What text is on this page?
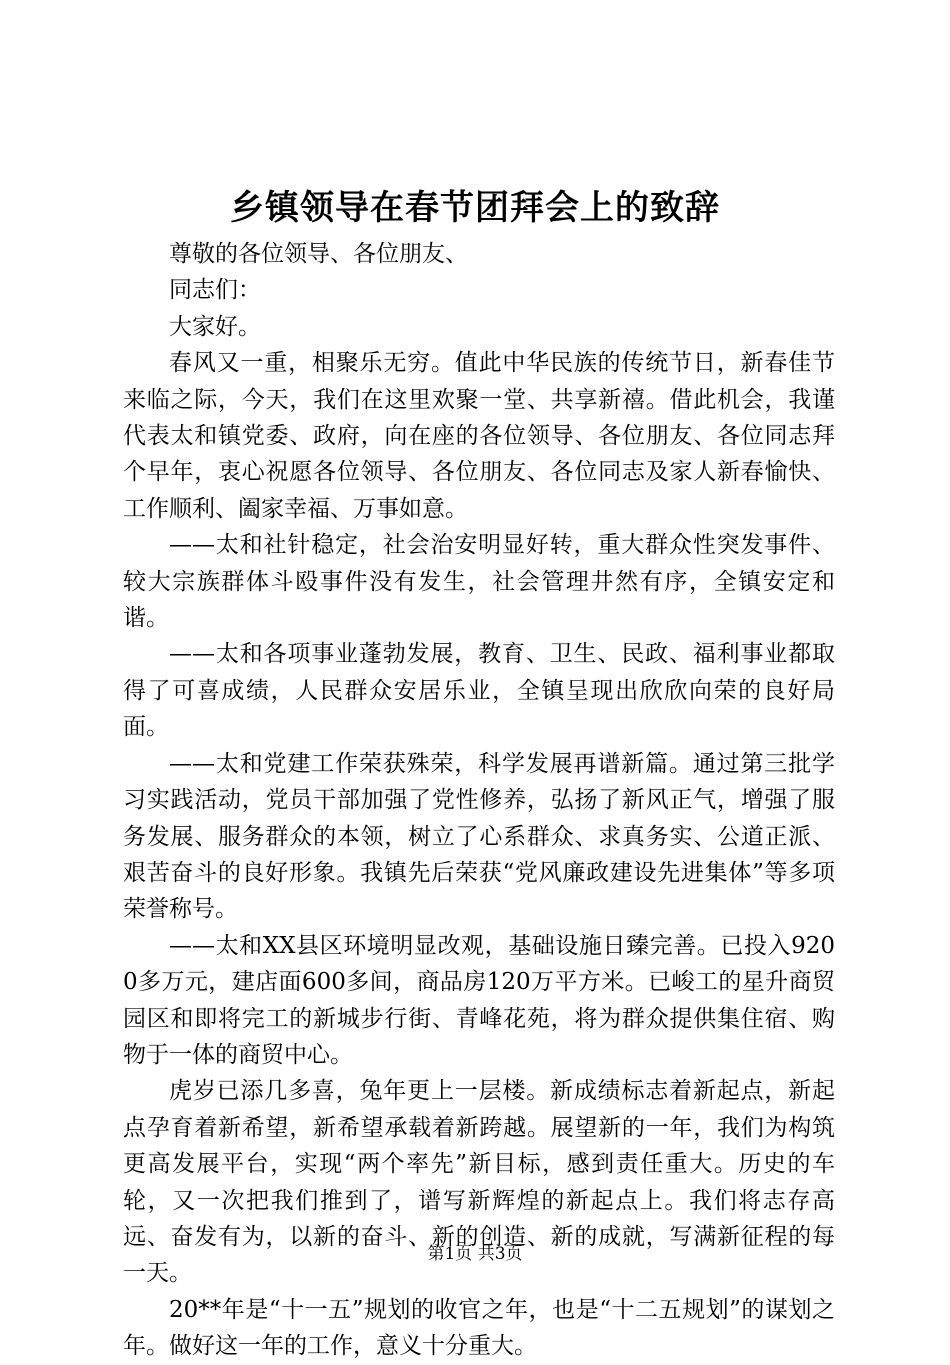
乡镇领导在春节团拜会上的致辞

尊敬的各位领导、各位朋友、

同志们：

大家好。

春风又一重，相聚乐无穷。值此中华民族的传统节日，新春佳节来临之际，今天，我们在这里欢聚一堂、共享新禧。借此机会，我谨代表太和镇党委、政府，向在座的各位领导、各位朋友、各位同志拜个早年，衷心祝愿各位领导、各位朋友、各位同志及家人新春愉快、工作顺利、阖家幸福、万事如意。

——太和社针稳定，社会治安明显好转，重大群众性突发事件、较大宗族群体斗殴事件没有发生，社会管理井然有序，全镇安定和谐。

——太和各项事业蓬勃发展，教育、卫生、民政、福利事业都取得了可喜成绩，人民群众安居乐业，全镇呈现出欣欣向荣的良好局面。

——太和党建工作荣获殊荣，科学发展再谱新篇。通过第三批学习实践活动，党员干部加强了党性修养，弘扬了新风正气，增强了服务发展、服务群众的本领，树立了心系群众、求真务实、公道正派、艰苦奋斗的良好形象。我镇先后荣获“党风廉政建设先进集体”等多项荣誉称号。

——太和XX县区环境明显改观，基础设施日臻完善。已投入9200多万元，建店面600多间，商品房120万平方米。已峻工的星升商贸园区和即将完工的新城步行街、青峰花苑，将为群众提供集住宿、购物于一体的商贸中心。

虎岁已添几多喜，兔年更上一层楼。新成绩标志着新起点，新起点孕育着新希望，新希望承载着新跨越。展望新的一年，我们为构筑更高发展平台，实现“两个率先”新目标，感到责任重大。历史的车轮，又一次把我们推到了，谱写新辉煌的新起点上。我们将志存高远、奋发有为，以新的奋斗、新的创造、新的成就，写满新征程的每一天。

20**年是“十一五”规划的收官之年，也是“十二五规划”的谋划之年。做好这一年的工作，意义十分重大。

第1页 共3页
